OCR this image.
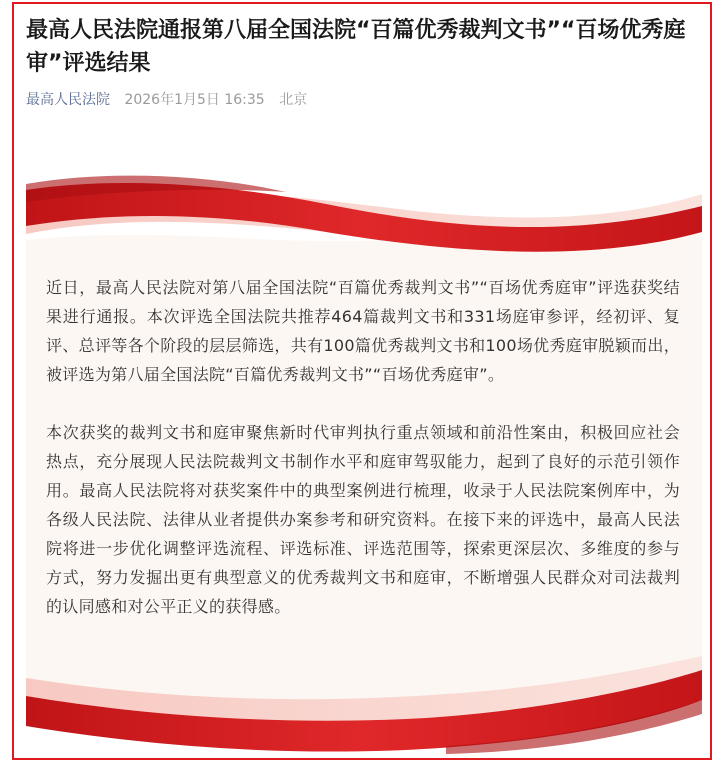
最高人民法院通报第八届全国法院“百篇优秀裁判文书”“百场优秀庭审”评选结果
最高人民法院 2026年1月5日 16:35 北京

近日，最高人民法院对第八届全国法院“百篇优秀裁判文书”“百场优秀庭审”评选获奖结果进行通报。本次评选全国法院共推荐464篇裁判文书和331场庭审参评，经初评、复评、总评等各个阶段的层层筛选，共有100篇优秀裁判文书和100场优秀庭审脱颖而出，被评选为第八届全国法院“百篇优秀裁判文书”“百场优秀庭审”。

本次获奖的裁判文书和庭审聚焦新时代审判执行重点领域和前沿性案由，积极回应社会热点，充分展现人民法院裁判文书制作水平和庭审驾驭能力，起到了良好的示范引领作用。最高人民法院将对获奖案件中的典型案例进行梳理，收录于人民法院案例库中，为各级人民法院、法律从业者提供办案参考和研究资料。在接下来的评选中，最高人民法院将进一步优化调整评选流程、评选标准、评选范围等，探索更深层次、多维度的参与方式，努力发掘出更有典型意义的优秀裁判文书和庭审，不断增强人民群众对司法裁判的认同感和对公平正义的获得感。
